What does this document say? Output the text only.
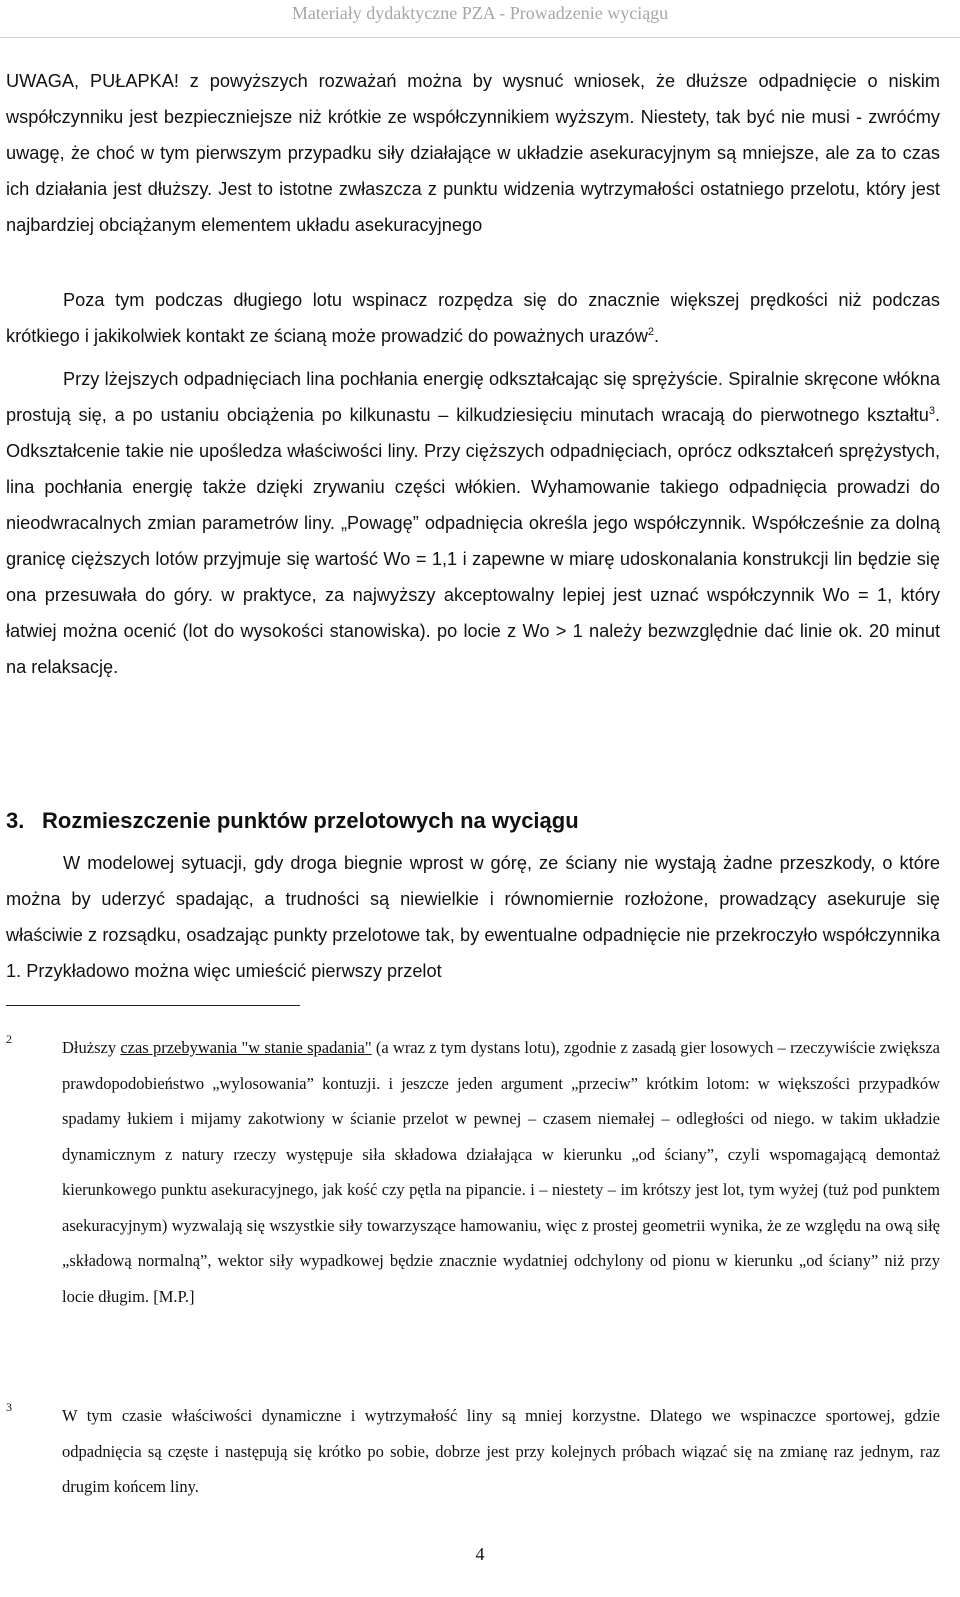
Materiały dydaktyczne PZA - Prowadzenie wyciągu

UWAGA, PUŁAPKA! z powyższych rozważań można by wysnuć wniosek, że dłuższe odpadnięcie o niskim współczynniku jest bezpieczniejsze niż krótkie ze współczynnikiem wyższym. Niestety, tak być nie musi - zwróćmy uwagę, że choć w tym pierwszym przypadku siły działające w układzie asekuracyjnym są mniejsze, ale za to czas ich działania jest dłuższy. Jest to istotne zwłaszcza z punktu widzenia wytrzymałości ostatniego przelotu, który jest najbardziej obciążanym elementem układu asekuracyjnego

Poza tym podczas długiego lotu wspinacz rozpędza się do znacznie większej prędkości niż podczas krótkiego i jakikolwiek kontakt ze ścianą może prowadzić do poważnych urazów$^2$.

Przy lżejszych odpadnięciach lina pochłania energię odkształcając się sprężyście. Spiralnie skręcone włókna prostują się, a po ustaniu obciążenia po kilkunastu – kilkudziesięciu minutach wracają do pierwotnego kształtu$^3$. Odkształcenie takie nie upośledza właściwości liny. Przy cięższych odpadnięciach, oprócz odkształceń sprężystych, lina pochłania energię także dzięki zrywaniu części włókien. Wyhamowanie takiego odpadnięcia prowadzi do nieodwracalnych zmian parametrów liny. „Powagę” odpadnięcia określa jego współczynnik. Współcześnie za dolną granicę cięższych lotów przyjmuje się wartość Wo = 1,1 i zapewne w miarę udoskonalania konstrukcji lin będzie się ona przesuwała do góry. w praktyce, za najwyższy akceptowalny lepiej jest uznać współczynnik Wo = 1, który łatwiej można ocenić (lot do wysokości stanowiska). po locie z Wo > 1 należy bezwzględnie dać linie ok. 20 minut na relaksację.

3. Rozmieszczenie punktów przelotowych na wyciągu

W modelowej sytuacji, gdy droga biegnie wprost w górę, ze ściany nie wystają żadne przeszkody, o które można by uderzyć spadając, a trudności są niewielkie i równomiernie rozłożone, prowadzący asekuruje się właściwie z rozsądku, osadzając punkty przelotowe tak, by ewentualne odpadnięcie nie przekroczyło współczynnika 1. Przykładowo można więc umieścić pierwszy przelot

2	Dłuższy czas przebywania "w stanie spadania" (a wraz z tym dystans lotu), zgodnie z zasadą gier losowych – rzeczywiście zwiększa prawdopodobieństwo „wylosowania” kontuzji. i jeszcze jeden argument „przeciw” krótkim lotom: w większości przypadków spadamy łukiem i mijamy zakotwiony w ścianie przelot w pewnej – czasem niemałej – odległości od niego. w takim układzie dynamicznym z natury rzeczy występuje siła składowa działająca w kierunku „od ściany”, czyli wspomagającą demontaż kierunkowego punktu asekuracyjnego, jak kość czy pętla na pipancie. i – niestety – im krótszy jest lot, tym wyżej (tuż pod punktem asekuracyjnym) wyzwalają się wszystkie siły towarzyszące hamowaniu, więc z prostej geometrii wynika, że ze względu na ową siłę „składową normalną”, wektor siły wypadkowej będzie znacznie wydatniej odchylony od pionu w kierunku „od ściany” niż przy locie długim. [M.P.]

3	W tym czasie właściwości dynamiczne i wytrzymałość liny są mniej korzystne. Dlatego we wspinaczce sportowej, gdzie odpadnięcia są częste i następują się krótko po sobie, dobrze jest przy kolejnych próbach wiązać się na zmianę raz jednym, raz drugim końcem liny.

4
